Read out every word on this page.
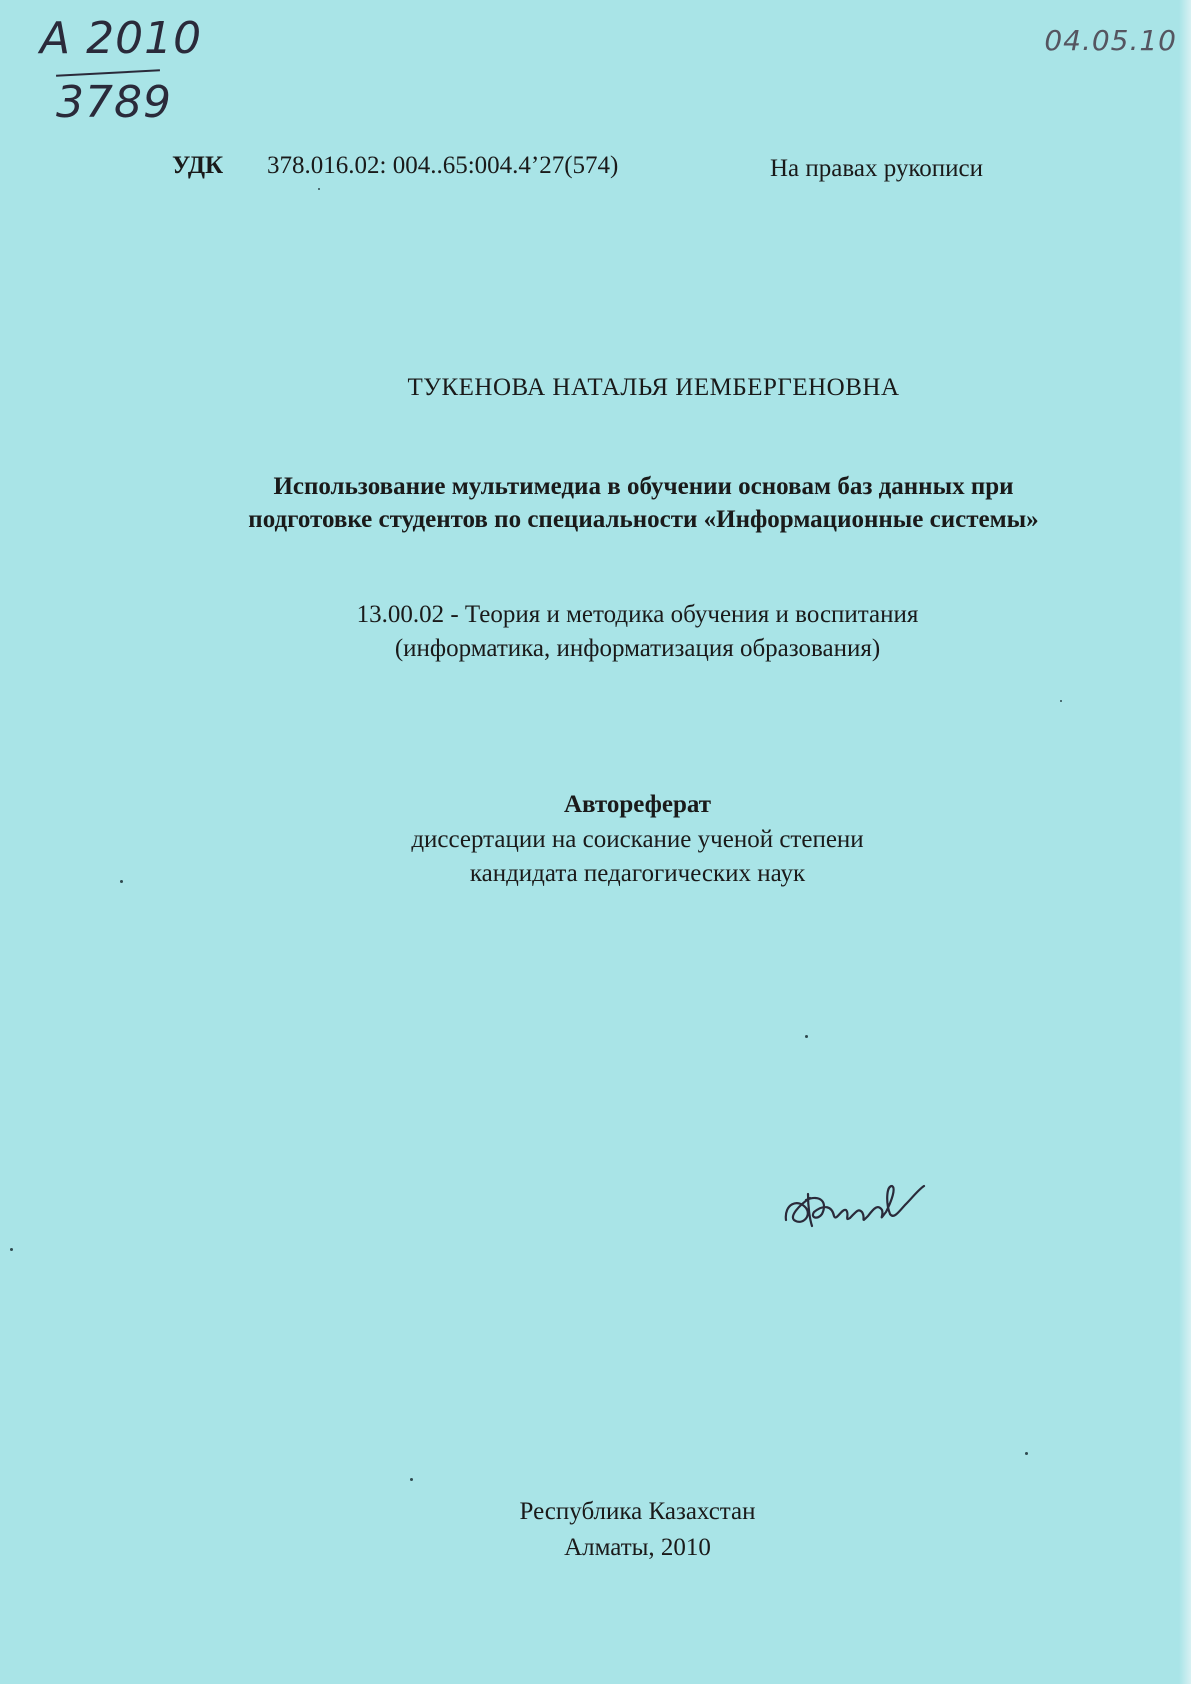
А 2010
3789
04.05.10
УДК 378.016.02: 004..65:004.4’27(574)	На правах рукописи
ТУКЕНОВА НАТАЛЬЯ ИЕМБЕРГЕНОВНА
Использование мультимедиа в обучении основам баз данных при
подготовке студентов по специальности «Информационные системы»
13.00.02 - Теория и методика обучения и воспитания
(информатика, информатизация образования)
Автореферат
диссертации на соискание ученой степени
кандидата педагогических наук
Республика Казахстан
Алматы, 2010
